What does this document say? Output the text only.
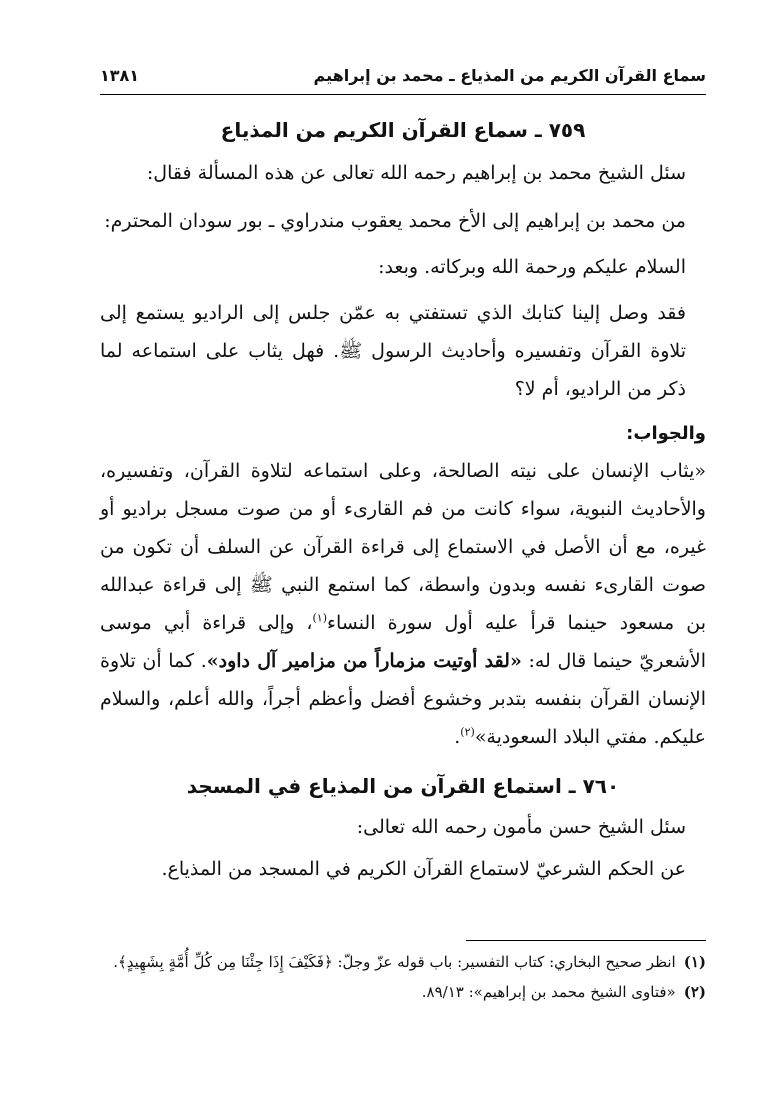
سماع القرآن الكريم من المذياع ـ محمد بن إبراهيم
١٣٨١
٧٥٩ ـ سماع القرآن الكريم من المذياع

سئل الشيخ محمد بن إبراهيم رحمه الله تعالى عن هذه المسألة فقال:

من محمد بن إبراهيم إلى الأخ محمد يعقوب مندراوي ـ بور سودان المحترم:

السلام عليكم ورحمة الله وبركاته. وبعد:

فقد وصل إلينا كتابك الذي تستفتي به عمّن جلس إلى الراديو يستمع إلى تلاوة القرآن وتفسيره وأحاديث الرسول ﷺ. فهل يثاب على استماعه لما ذكر من الراديو، أم لا؟

والجواب:

«يثاب الإنسان على نيته الصالحة، وعلى استماعه لتلاوة القرآن، وتفسيره، والأحاديث النبوية، سواء كانت من فم القارىء أو من صوت مسجل براديو أو غيره، مع أن الأصل في الاستماع إلى قراءة القرآن عن السلف أن تكون من صوت القارىء نفسه وبدون واسطة، كما استمع النبي ﷺ إلى قراءة عبدالله بن مسعود حينما قرأ عليه أول سورة النساء$^{(١)}$، وإلى قراءة أبي موسى الأشعريّ حينما قال له: «لقد أوتيت مزماراً من مزامير آل داود». كما أن تلاوة الإنسان القرآن بنفسه بتدبر وخشوع أفضل وأعظم أجراً، والله أعلم، والسلام عليكم. مفتي البلاد السعودية»$^{(٢)}$.

٧٦٠ ـ استماع القرآن من المذياع في المسجد

سئل الشيخ حسن مأمون رحمه الله تعالى:

عن الحكم الشرعيّ لاستماع القرآن الكريم في المسجد من المذياع.

(١)
انظر صحيح البخاري: كتاب التفسير: باب قوله عزّ وجلّ: ﴿فَكَيْفَ إِذَا جِئْنَا مِن كُلِّ أُمَّةٍ بِشَهِيدٍ﴾.
(٢)
«فتاوى الشيخ محمد بن إبراهيم»: ٨٩/١٣.
